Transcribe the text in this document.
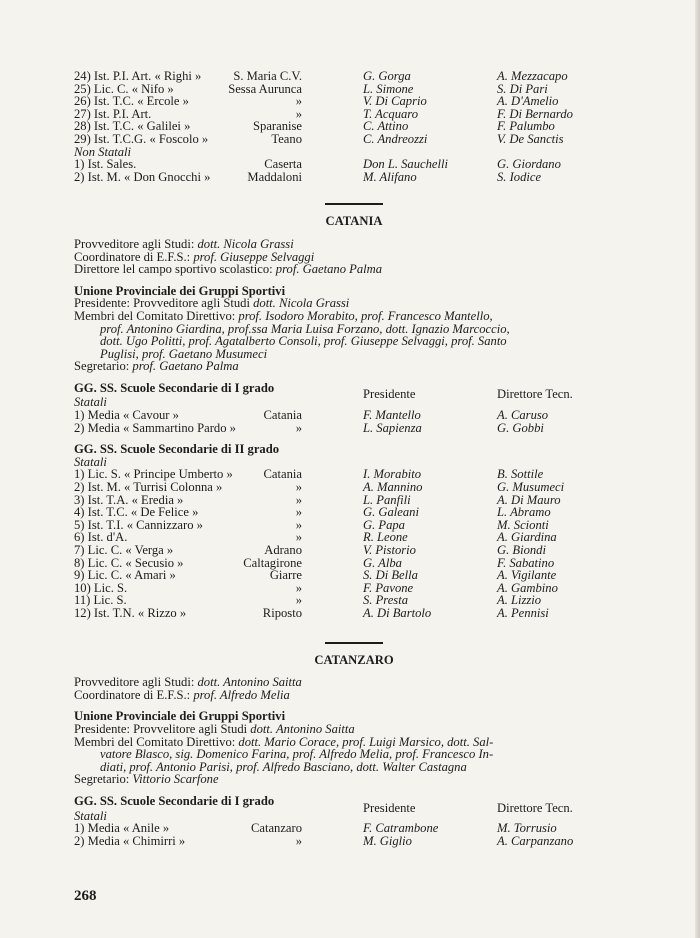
24) Ist. P.I. Art. « Righi »	S. Maria C.V.	G. Gorga	A. Mezzacapo
25) Lic. C. « Nifo »	Sessa Aurunca	L. Simone	S. Di Pari
26) Ist. T.C. « Ercole »	»	V. Di Caprio	A. D'Amelio
27) Ist. P.I. Art.	»	T. Acquaro	F. Di Bernardo
28) Ist. T.C. « Galilei »	Sparanise	C. Attino	F. Palumbo
29) Ist. T.C.G. « Foscolo »	Teano	C. Andreozzi	V. De Sanctis
Non Statali
1) Ist. Sales.	Caserta	Don L. Sauchelli	G. Giordano
2) Ist. M. « Don Gnocchi »	Maddaloni	M. Alifano	S. Iodice
CATANIA

Provveditore agli Studi: dott. Nicola Grassi

Coordinatore di E.F.S.: prof. Giuseppe Selvaggi

Direttore lel campo sportivo scolastico: prof. Gaetano Palma

Unione Provinciale dei Gruppi Sportivi

Presidente: Provveditore agli Studi dott. Nicola Grassi

Membri del Comitato Direttivo: prof. Isodoro Morabito, prof. Francesco Mantello,

prof. Antonino Giardina, prof.ssa Maria Luisa Forzano, dott. Ignazio Marcoccio,

dott. Ugo Politti, prof. Agatalberto Consoli, prof. Giuseppe Selvaggi, prof. Santo

Puglisi, prof. Gaetano Musumeci

Segretario: prof. Gaetano Palma

GG. SS. Scuole Secondarie di I grado
Statali
Presidente	Direttore Tecn.
1) Media « Cavour »	Catania	F. Mantello	A. Caruso
2) Media « Sammartino Pardo »	»	L. Sapienza	G. Gobbi

GG. SS. Scuole Secondarie di II grado

Statali

1) Lic. S. « Principe Umberto » Catania	I. Morabito	B. Sottile
2) Ist. M. « Turrisi Colonna »	»	A. Mannino	G. Musumeci
3) Ist. T.A. « Eredia »	»	L. Panfili	A. Di Mauro
4) Ist. T.C. « De Felice »	»	G. Galeani	L. Abramo
5) Ist. T.I. « Cannizzaro »	»	G. Papa	M. Scionti
6) Ist. d'A.	»	R. Leone	A. Giardina
7) Lic. C. « Verga »	Adrano	V. Pistorio	G. Biondi
8) Lic. C. « Secusio »	Caltagirone	G. Alba	F. Sabatino
9) Lic. C. « Amari »	Giarre	S. Di Bella	A. Vigilante
10) Lic. S.	»	F. Pavone	A. Gambino
11) Lic. S.	»	S. Presta	A. Lizzio
12) Ist. T.N. « Rizzo »	Riposto	A. Di Bartolo	A. Pennisi
CATANZARO

Provveditore agli Studi: dott. Antonino Saitta

Coordinatore di E.F.S.: prof. Alfredo Melia

Unione Provinciale dei Gruppi Sportivi

Presidente: Provvelitore agli Studi dott. Antonino Saitta

Membri del Comitato Direttivo: dott. Mario Corace, prof. Luigi Marsico, dott. Sal-

vatore Blasco, sig. Domenico Farina, prof. Alfredo Melia, prof. Francesco In-

diati, prof. Antonio Parisi, prof. Alfredo Basciano, dott. Walter Castagna

Segretario: Vittorio Scarfone

GG. SS. Scuole Secondarie di I grado
Statali
Presidente	Direttore Tecn.
1) Media « Anile »	Catanzaro	F. Catrambone	M. Torrusio
2) Media « Chimirri »	»	M. Giglio	A. Carpanzano
268
